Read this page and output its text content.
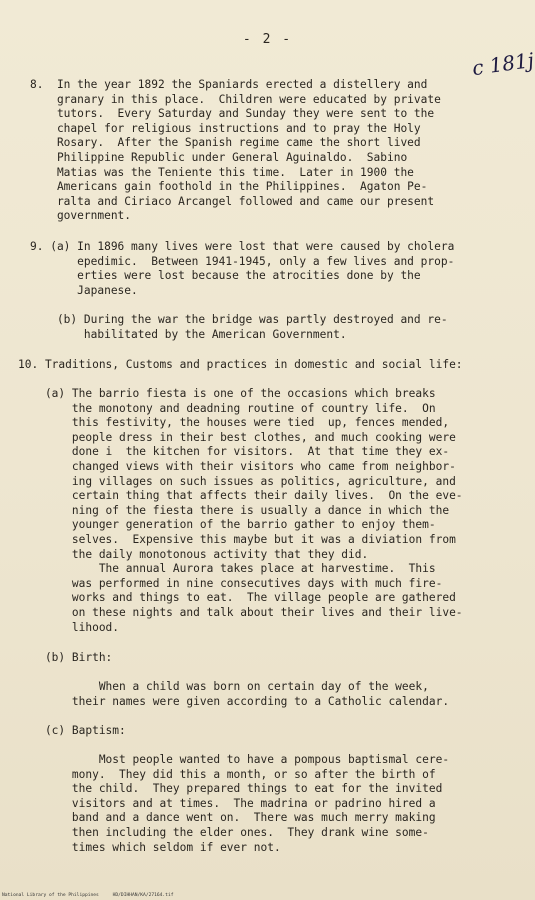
- 2 -
c 181j
8.  In the year 1892 the Spaniards erected a distellery and
granary in this place.  Children were educated by private
tutors.  Every Saturday and Sunday they were sent to the
chapel for religious instructions and to pray the Holy
Rosary.  After the Spanish regime came the short lived
Philippine Republic under General Aguinaldo.  Sabino
Matias was the Teniente this time.  Later in 1900 the
Americans gain foothold in the Philippines.  Agaton Pe-
ralta and Ciriaco Arcangel followed and came our present
government.
9. (a) In 1896 many lives were lost that were caused by cholera
epedimic.  Between 1941-1945, only a few lives and prop-
erties were lost because the atrocities done by the
Japanese.
(b) During the war the bridge was partly destroyed and re-
habilitated by the American Government.
10. Traditions, Customs and practices in domestic and social life:
(a) The barrio fiesta is one of the occasions which breaks
the monotony and deadning routine of country life.  On
this festivity, the houses were tied  up, fences mended,
people dress in their best clothes, and much cooking were
done i  the kitchen for visitors.  At that time they ex-
changed views with their visitors who came from neighbor-
ing villages on such issues as politics, agriculture, and
certain thing that affects their daily lives.  On the eve-
ning of the fiesta there is usually a dance in which the
younger generation of the barrio gather to enjoy them-
selves.  Expensive this maybe but it was a diviation from
the daily monotonous activity that they did.
The annual Aurora takes place at harvestime.  This
was performed in nine consecutives days with much fire-
works and things to eat.  The village people are gathered
on these nights and talk about their lives and their live-
lihood.
(b) Birth:
When a child was born on certain day of the week,
their names were given according to a Catholic calendar.
(c) Baptism:
Most people wanted to have a pompous baptismal cere-
mony.  They did this a month, or so after the birth of
the child.  They prepared things to eat for the invited
visitors and at times.  The madrina or padrino hired a
band and a dance went on.  There was much merry making
then including the elder ones.  They drank wine some-
times which seldom if ever not.
National Library of the Philippines     HD/DIHHAN/KA/27164.tif
